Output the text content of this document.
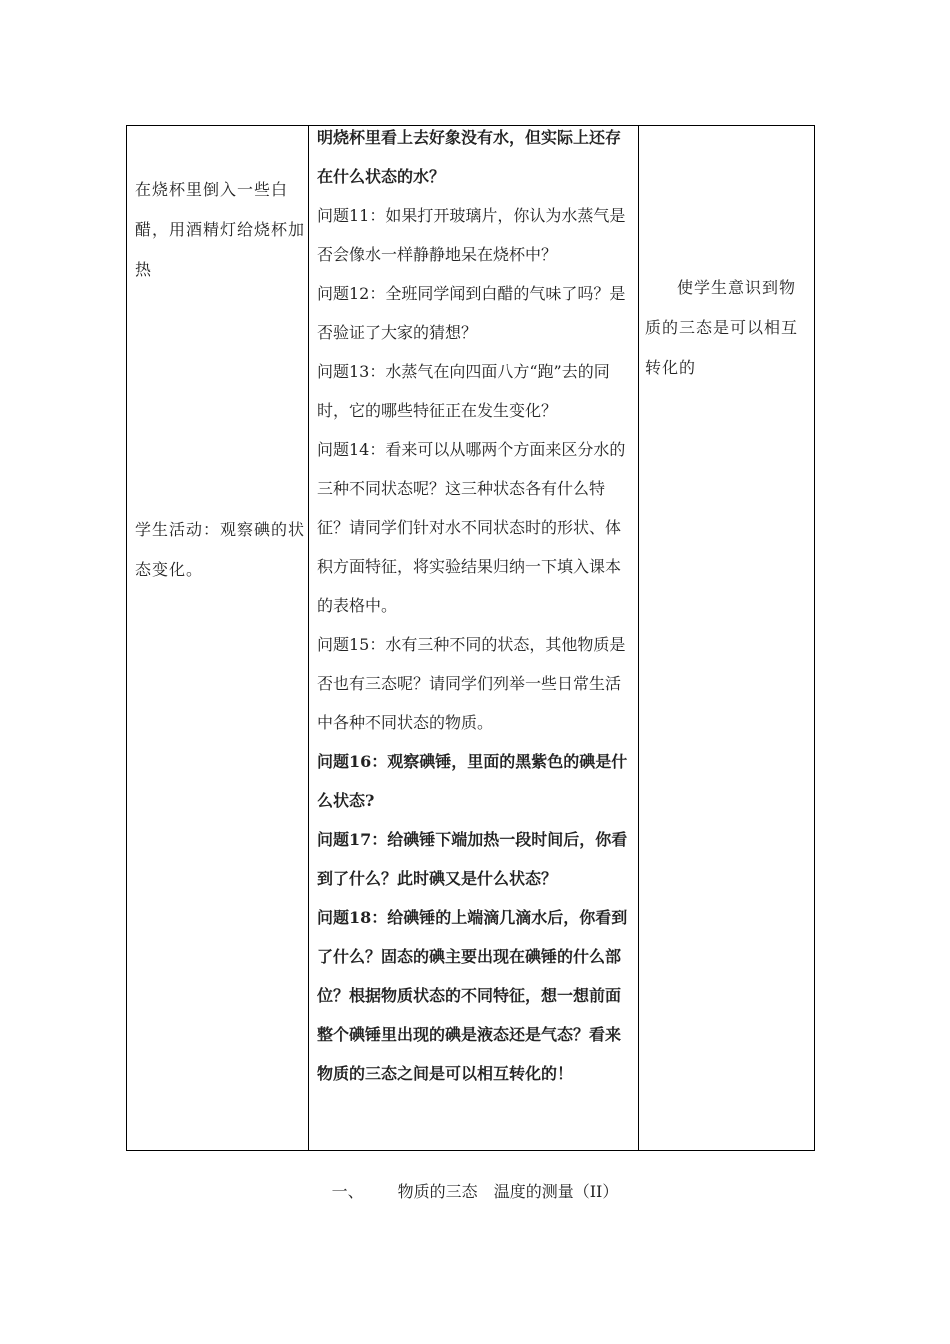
在烧杯里倒入一些白醋，用酒精灯给烧杯加热

学生活动：观察碘的状态变化。

明烧杯里看上去好象没有水，但实际上还存在什么状态的水？

问题11：如果打开玻璃片，你认为水蒸气是否会像水一样静静地呆在烧杯中？

问题12：全班同学闻到白醋的气味了吗？是否验证了大家的猜想？

问题13：水蒸气在向四面八方“跑”去的同时，它的哪些特征正在发生变化？

问题14：看来可以从哪两个方面来区分水的三种不同状态呢？这三种状态各有什么特征？请同学们针对水不同状态时的形状、体积方面特征，将实验结果归纳一下填入课本的表格中。

问题15：水有三种不同的状态，其他物质是否也有三态呢？请同学们列举一些日常生活中各种不同状态的物质。

问题16：观察碘锤，里面的黑紫色的碘是什么状态?

问题17：给碘锤下端加热一段时间后，你看到了什么？此时碘又是什么状态？

问题18：给碘锤的上端滴几滴水后，你看到了什么？固态的碘主要出现在碘锤的什么部位？根据物质状态的不同特征，想一想前面整个碘锤里出现的碘是液态还是气态？看来物质的三态之间是可以相互转化的！

使学生意识到物质的三态是可以相互转化的

一、 物质的三态 温度的测量（II）
